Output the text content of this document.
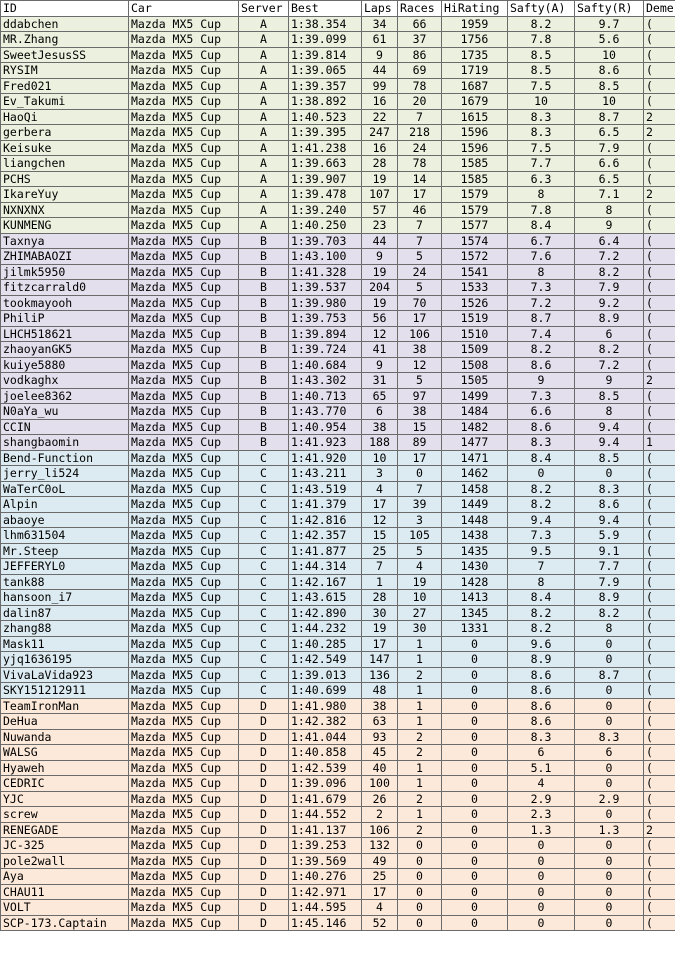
ID	Car	Server	Best	Laps	Races	HiRating	Safty(A)	Safty(R)	Deme
ddabchen	Mazda MX5 Cup	A	1:38.354	34	66	1959	8.2	9.7	(
MR.Zhang	Mazda MX5 Cup	A	1:39.099	61	37	1756	7.8	5.6	(
SweetJesusSS	Mazda MX5 Cup	A	1:39.814	9	86	1735	8.5	10	(
RYSIM	Mazda MX5 Cup	A	1:39.065	44	69	1719	8.5	8.6	(
Fred021	Mazda MX5 Cup	A	1:39.357	99	78	1687	7.5	8.5	(
Ev_Takumi	Mazda MX5 Cup	A	1:38.892	16	20	1679	10	10	(
HaoQi	Mazda MX5 Cup	A	1:40.523	22	7	1615	8.3	8.7	2
gerbera	Mazda MX5 Cup	A	1:39.395	247	218	1596	8.3	6.5	2
Keisuke	Mazda MX5 Cup	A	1:41.238	16	24	1596	7.5	7.9	(
liangchen	Mazda MX5 Cup	A	1:39.663	28	78	1585	7.7	6.6	(
PCHS	Mazda MX5 Cup	A	1:39.907	19	14	1585	6.3	6.5	(
IkareYuy	Mazda MX5 Cup	A	1:39.478	107	17	1579	8	7.1	2
NXNXNX	Mazda MX5 Cup	A	1:39.240	57	46	1579	7.8	8	(
KUNMENG	Mazda MX5 Cup	A	1:40.250	23	7	1577	8.4	9	(
Taxnya	Mazda MX5 Cup	B	1:39.703	44	7	1574	6.7	6.4	(
ZHIMABAOZI	Mazda MX5 Cup	B	1:43.100	9	5	1572	7.6	7.2	(
jilmk5950	Mazda MX5 Cup	B	1:41.328	19	24	1541	8	8.2	(
fitzcarrald0	Mazda MX5 Cup	B	1:39.537	204	5	1533	7.3	7.9	(
tookmayooh	Mazda MX5 Cup	B	1:39.980	19	70	1526	7.2	9.2	(
PhiliP	Mazda MX5 Cup	B	1:39.753	56	17	1519	8.7	8.9	(
LHCH518621	Mazda MX5 Cup	B	1:39.894	12	106	1510	7.4	6	(
zhaoyanGK5	Mazda MX5 Cup	B	1:39.724	41	38	1509	8.2	8.2	(
kuiye5880	Mazda MX5 Cup	B	1:40.684	9	12	1508	8.6	7.2	(
vodkaghx	Mazda MX5 Cup	B	1:43.302	31	5	1505	9	9	2
joelee8362	Mazda MX5 Cup	B	1:40.713	65	97	1499	7.3	8.5	(
N0aYa_wu	Mazda MX5 Cup	B	1:43.770	6	38	1484	6.6	8	(
CCIN	Mazda MX5 Cup	B	1:40.954	38	15	1482	8.6	9.4	(
shangbaomin	Mazda MX5 Cup	B	1:41.923	188	89	1477	8.3	9.4	1
Bend-Function	Mazda MX5 Cup	C	1:41.920	10	17	1471	8.4	8.5	(
jerry_li524	Mazda MX5 Cup	C	1:43.211	3	0	1462	0	0	(
WaTerC0oL	Mazda MX5 Cup	C	1:43.519	4	7	1458	8.2	8.3	(
Alpin	Mazda MX5 Cup	C	1:41.379	17	39	1449	8.2	8.6	(
abaoye	Mazda MX5 Cup	C	1:42.816	12	3	1448	9.4	9.4	(
lhm631504	Mazda MX5 Cup	C	1:42.357	15	105	1438	7.3	5.9	(
Mr.Steep	Mazda MX5 Cup	C	1:41.877	25	5	1435	9.5	9.1	(
JEFFERYL0	Mazda MX5 Cup	C	1:44.314	7	4	1430	7	7.7	(
tank88	Mazda MX5 Cup	C	1:42.167	1	19	1428	8	7.9	(
hansoon_i7	Mazda MX5 Cup	C	1:43.615	28	10	1413	8.4	8.9	(
dalin87	Mazda MX5 Cup	C	1:42.890	30	27	1345	8.2	8.2	(
zhang88	Mazda MX5 Cup	C	1:44.232	19	30	1331	8.2	8	(
Mask11	Mazda MX5 Cup	C	1:40.285	17	1	0	9.6	0	(
yjq1636195	Mazda MX5 Cup	C	1:42.549	147	1	0	8.9	0	(
VivaLaVida923	Mazda MX5 Cup	C	1:39.013	136	2	0	8.6	8.7	(
SKY151212911	Mazda MX5 Cup	C	1:40.699	48	1	0	8.6	0	(
TeamIronMan	Mazda MX5 Cup	D	1:41.980	38	1	0	8.6	0	(
DeHua	Mazda MX5 Cup	D	1:42.382	63	1	0	8.6	0	(
Nuwanda	Mazda MX5 Cup	D	1:41.044	93	2	0	8.3	8.3	(
WALSG	Mazda MX5 Cup	D	1:40.858	45	2	0	6	6	(
Hyaweh	Mazda MX5 Cup	D	1:42.539	40	1	0	5.1	0	(
CEDRIC	Mazda MX5 Cup	D	1:39.096	100	1	0	4	0	(
YJC	Mazda MX5 Cup	D	1:41.679	26	2	0	2.9	2.9	(
screw	Mazda MX5 Cup	D	1:44.552	2	1	0	2.3	0	(
RENEGADE	Mazda MX5 Cup	D	1:41.137	106	2	0	1.3	1.3	2
JC-325	Mazda MX5 Cup	D	1:39.253	132	0	0	0	0	(
pole2wall	Mazda MX5 Cup	D	1:39.569	49	0	0	0	0	(
Aya	Mazda MX5 Cup	D	1:40.276	25	0	0	0	0	(
CHAU11	Mazda MX5 Cup	D	1:42.971	17	0	0	0	0	(
VOLT	Mazda MX5 Cup	D	1:44.595	4	0	0	0	0	(
SCP-173.Captain	Mazda MX5 Cup	D	1:45.146	52	0	0	0	0	(
